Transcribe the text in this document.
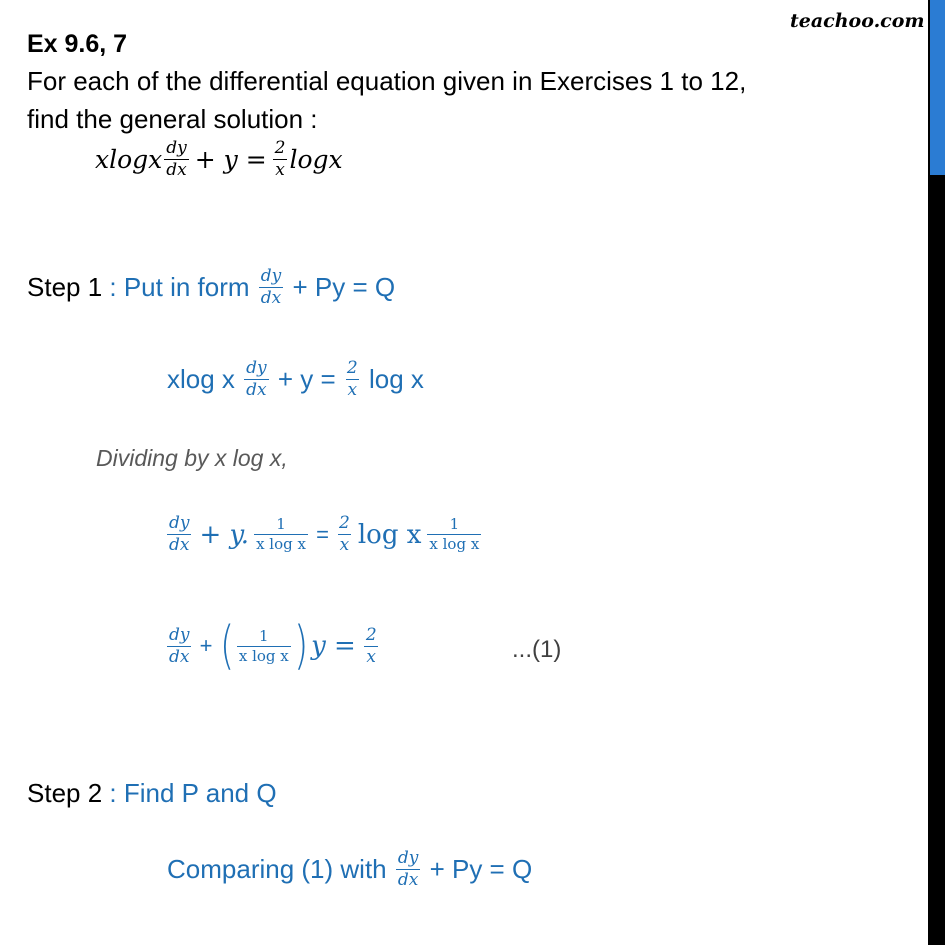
teachoo.com
Ex 9.6, 7
For each of the differential equation given in Exercises 1 to 12,
find the general solution :
xlogx $\frac{dy}{dx} + y = \frac{2}{x}$ logx
Step 1 : Put in form $\frac{dy}{dx} + Py = Q$
xlog x $\frac{dy}{dx} + y = \frac{2}{x}$ log x
Dividing by x log x,
$\frac{dy}{dx} + y$. $\frac{1}{\text{x log x}} = \frac{2}{x}$ log x $\frac{1}{\text{x log x}}$
$\frac{dy}{dx}$ + ( $\frac{1}{\text{x log x}}$ ) $y = \frac{2}{x}$	...(1)
Step 2 : Find P and Q
Comparing (1) with $\frac{dy}{dx} + Py = Q$
